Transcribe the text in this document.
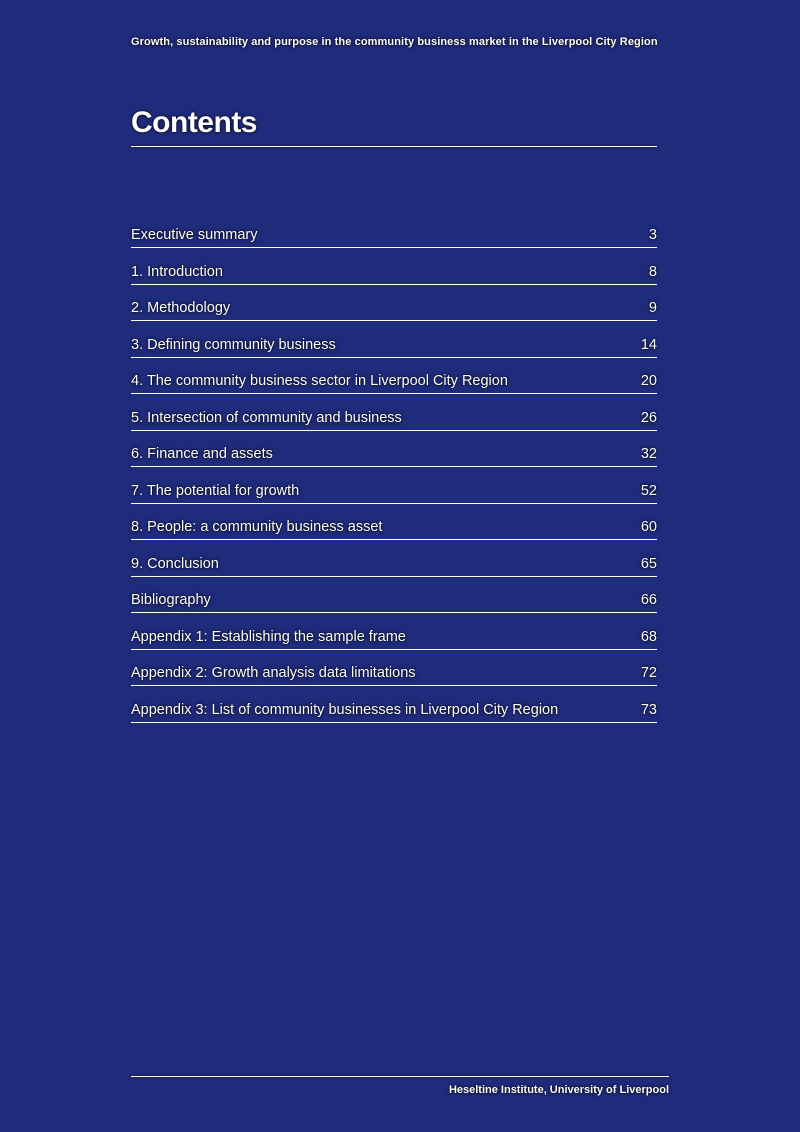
Growth, sustainability and purpose in the community business market in the Liverpool City Region
Contents
Executive summary	3
1. Introduction	8
2. Methodology	9
3. Defining community business	14
4. The community business sector in Liverpool City Region	20
5. Intersection of community and business	26
6. Finance and assets	32
7. The potential for growth	52
8. People: a community business asset	60
9. Conclusion	65
Bibliography	66
Appendix 1: Establishing the sample frame	68
Appendix 2: Growth analysis data limitations	72
Appendix 3: List of community businesses in Liverpool City Region	73
Heseltine Institute, University of Liverpool
